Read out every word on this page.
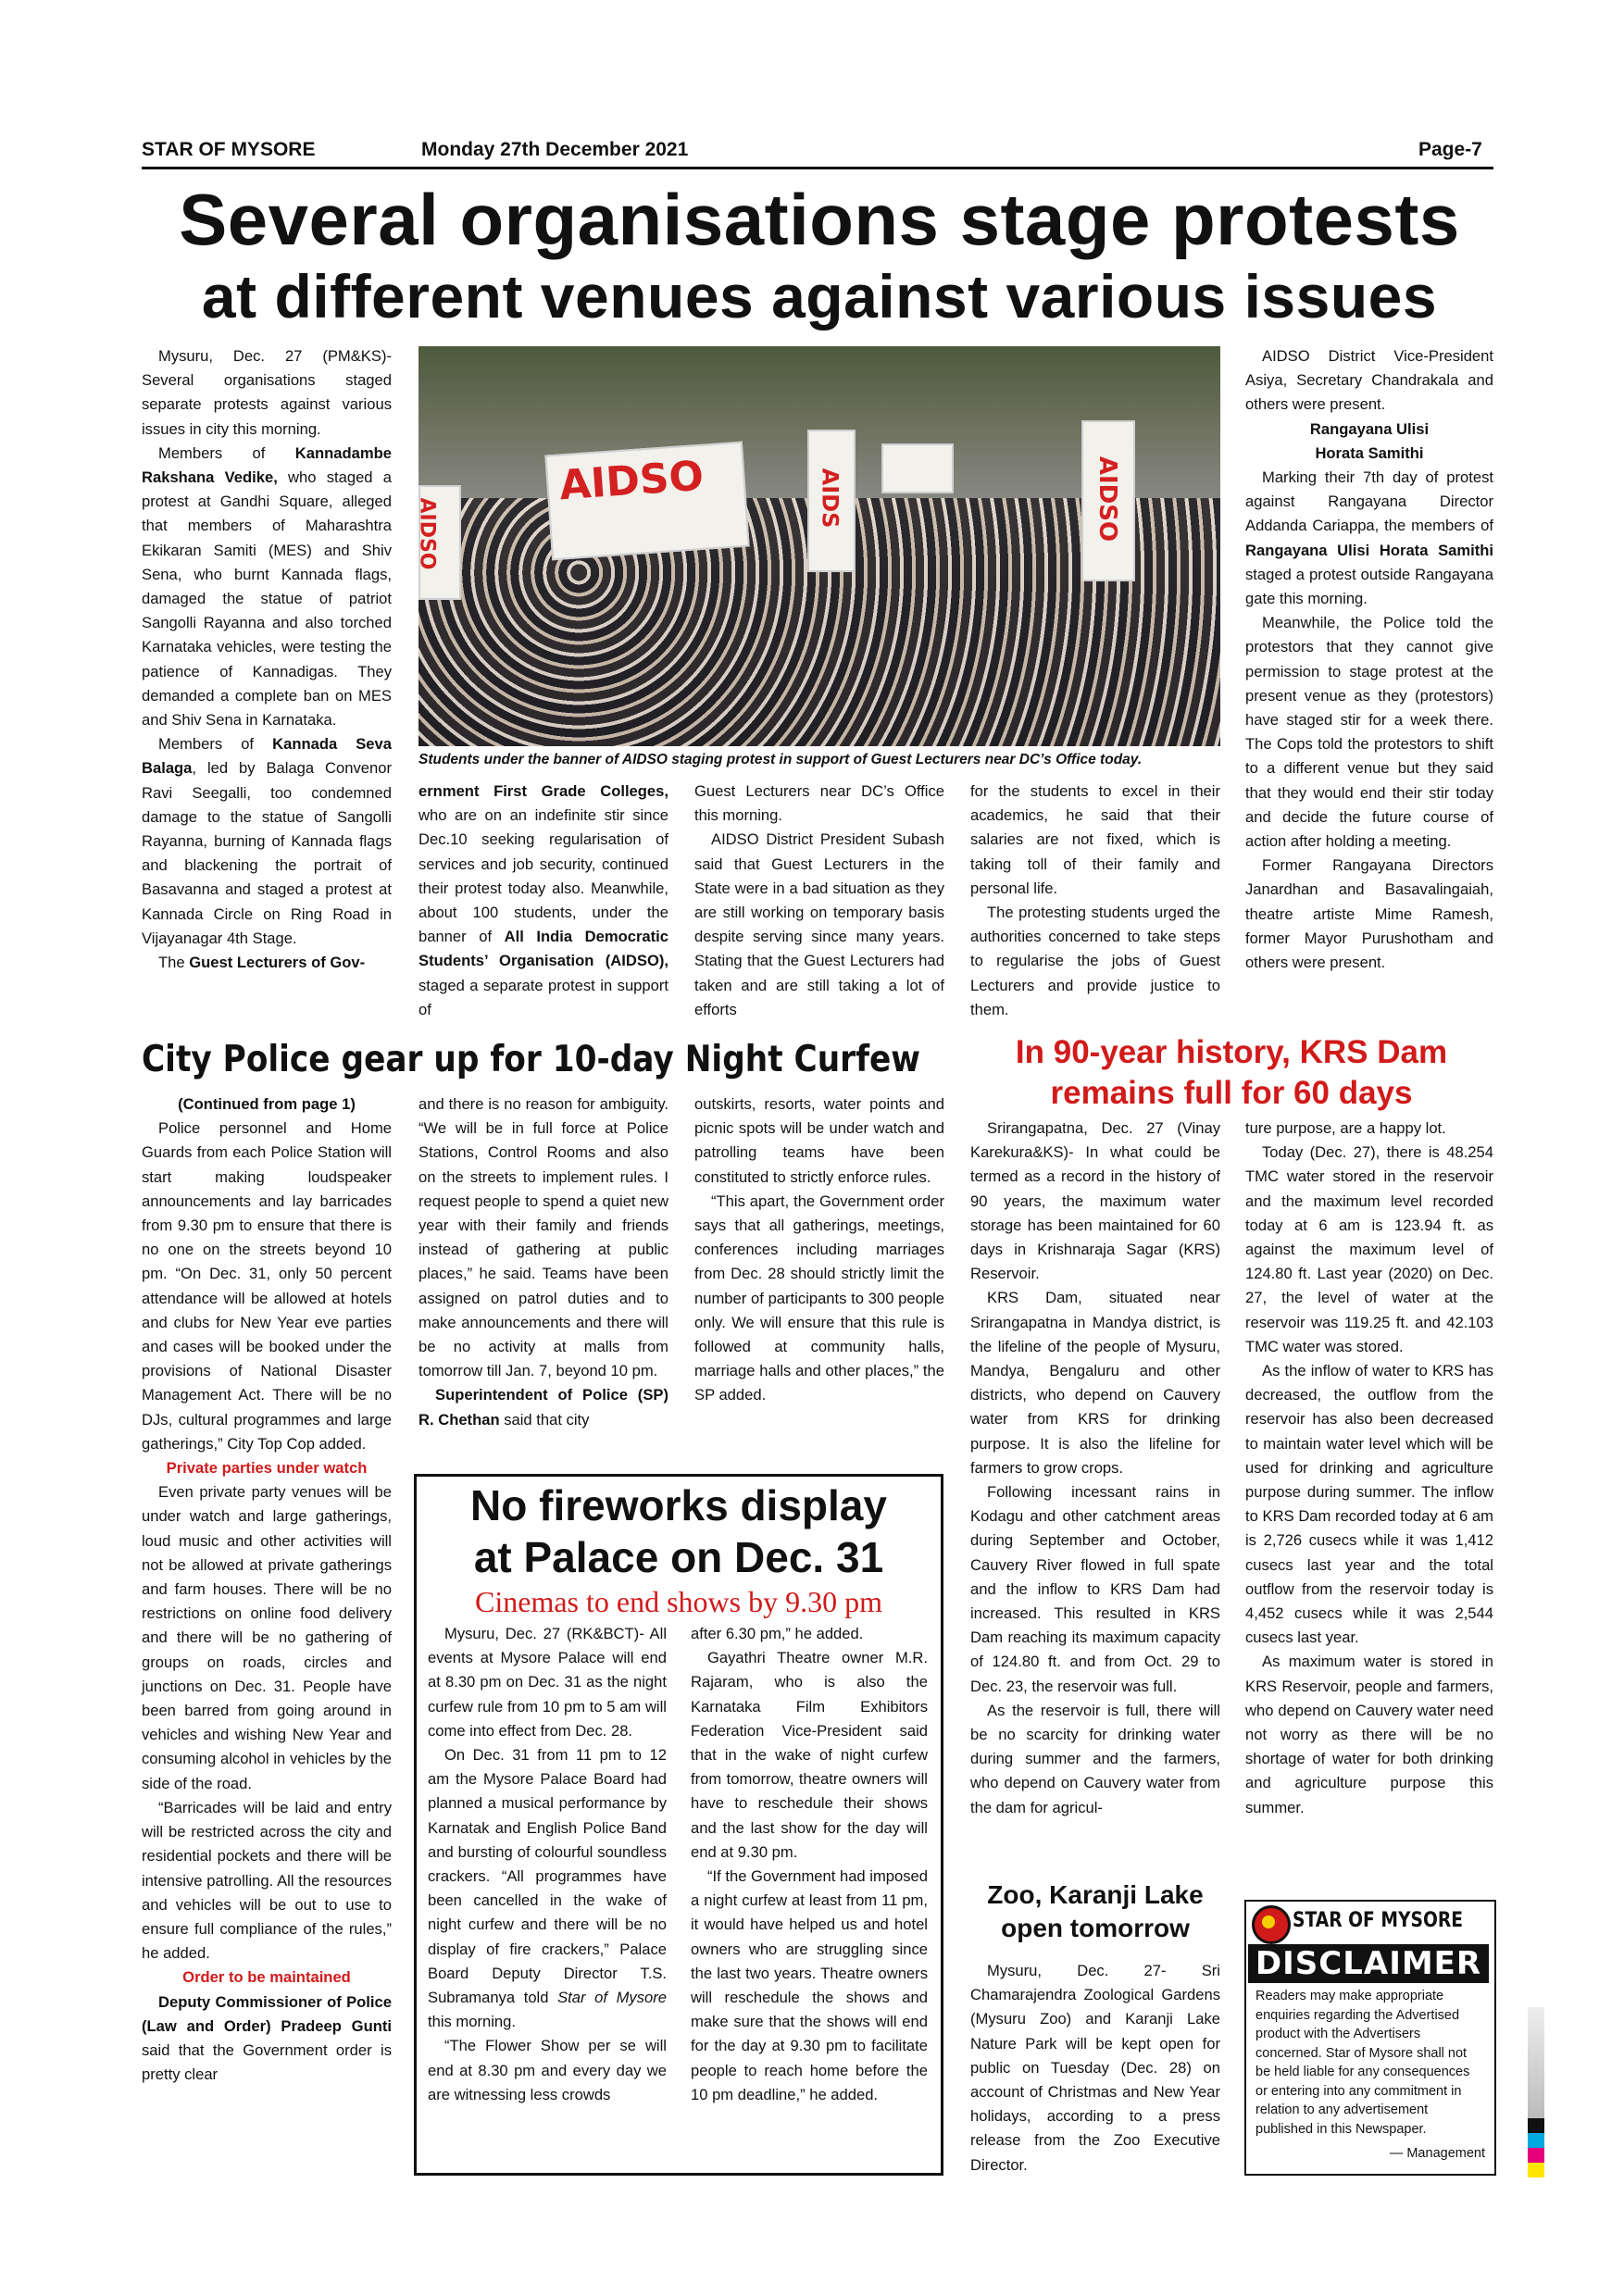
STAR OF MYSORE	Monday 27th December 2021	Page-7
Several organisations stage protests
at different venues against various issues

Mysuru, Dec. 27 (PM&KS)- Several organisations staged separate protests against various issues in city this morning.

Members of Kannadambe Rakshana Vedike, who staged a protest at Gandhi Square, alleged that members of Maharashtra Ekikaran Samiti (MES) and Shiv Sena, who burnt Kannada flags, damaged the statue of patriot Sangolli Rayanna and also torched Karnataka vehicles, were testing the patience of Kannadigas. They demanded a complete ban on MES and Shiv Sena in Karnataka.

Members of Kannada Seva Balaga, led by Balaga Convenor Ravi Seegalli, too condemned damage to the statue of Sangolli Rayanna, burning of Kannada flags and blackening the portrait of Basavanna and staged a protest at Kannada Circle on Ring Road in Vijayanagar 4th Stage.

The Guest Lecturers of Gov-

AIDSO
AIDSO	AIDSO
AIDS
Students under the banner of AIDSO staging protest in support of Guest Lecturers near DC’s Office today.

ernment First Grade Colleges, who are on an indefinite stir since Dec.10 seeking regularisation of services and job security, continued their protest today also. Meanwhile, about 100 students, under the banner of All India Democratic Students’ Organisation (AIDSO), staged a separate protest in support of

Guest Lecturers near DC’s Office this morning.

AIDSO District President Subash said that Guest Lecturers in the State were in a bad situation as they are still working on temporary basis despite serving since many years. Stating that the Guest Lecturers had taken and are still taking a lot of efforts

for the students to excel in their academics, he said that their salaries are not fixed, which is taking toll of their family and personal life.

The protesting students urged the authorities concerned to take steps to regularise the jobs of Guest Lecturers and provide justice to them.

AIDSO District Vice-President Asiya, Secretary Chandrakala and others were present.

Rangayana Ulisi

Horata Samithi

Marking their 7th day of protest against Rangayana Director Addanda Cariappa, the members of Rangayana Ulisi Horata Samithi staged a protest outside Rangayana gate this morning.

Meanwhile, the Police told the protestors that they cannot give permission to stage protest at the present venue as they (protestors) have staged stir for a week there. The Cops told the protestors to shift to a different venue but they said that they would end their stir today and decide the future course of action after holding a meeting.

Former Rangayana Directors Janardhan and Basavalingaiah, theatre artiste Mime Ramesh, former Mayor Purushotham and others were present.

City Police gear up for 10-day Night Curfew

(Continued from page 1)

Police personnel and Home Guards from each Police Station will start making loudspeaker announcements and lay barricades from 9.30 pm to ensure that there is no one on the streets beyond 10 pm. “On Dec. 31, only 50 percent attendance will be allowed at hotels and clubs for New Year eve parties and cases will be booked under the provisions of National Disaster Management Act. There will be no DJs, cultural programmes and large gatherings,” City Top Cop added.

Private parties under watch

Even private party venues will be under watch and large gatherings, loud music and other activities will not be allowed at private gatherings and farm houses. There will be no restrictions on online food delivery and there will be no gathering of groups on roads, circles and junctions on Dec. 31. People have been barred from going around in vehicles and wishing New Year and consuming alcohol in vehicles by the side of the road.

“Barricades will be laid and entry will be restricted across the city and residential pockets and there will be intensive patrolling. All the resources and vehicles will be out to use to ensure full compliance of the rules,” he added.

Order to be maintained

Deputy Commissioner of Police (Law and Order) Pradeep Gunti said that the Government order is pretty clear

and there is no reason for ambiguity. “We will be in full force at Police Stations, Control Rooms and also on the streets to implement rules. I request people to spend a quiet new year with their family and friends instead of gathering at public places,” he said. Teams have been assigned on patrol duties and to make announcements and there will be no activity at malls from tomorrow till Jan. 7, beyond 10 pm.

Superintendent of Police (SP) R. Chethan said that city

outskirts, resorts, water points and picnic spots will be under watch and patrolling teams have been constituted to strictly enforce rules.

“This apart, the Government order says that all gatherings, meetings, conferences including marriages from Dec. 28 should strictly limit the number of participants to 300 people only. We will ensure that this rule is followed at community halls, marriage halls and other places,” the SP added.

No fireworks display
at Palace on Dec. 31
Cinemas to end shows by 9.30 pm

Mysuru, Dec. 27 (RK&BCT)- All events at Mysore Palace will end at 8.30 pm on Dec. 31 as the night curfew rule from 10 pm to 5 am will come into effect from Dec. 28.

On Dec. 31 from 11 pm to 12 am the Mysore Palace Board had planned a musical performance by Karnatak and English Police Band and bursting of colourful soundless crackers. “All programmes have been cancelled in the wake of night curfew and there will be no display of fire crackers,” Palace Board Deputy Director T.S. Subramanya told Star of Mysore this morning.

“The Flower Show per se will end at 8.30 pm and every day we are witnessing less crowds

after 6.30 pm,” he added.

Gayathri Theatre owner M.R. Rajaram, who is also the Karnataka Film Exhibitors Federation Vice-President said that in the wake of night curfew from tomorrow, theatre owners will have to reschedule their shows and the last show for the day will end at 9.30 pm.

“If the Government had imposed a night curfew at least from 11 pm, it would have helped us and hotel owners who are struggling since the last two years. Theatre owners will reschedule the shows and make sure that the shows will end for the day at 9.30 pm to facilitate people to reach home before the 10 pm deadline,” he added.

In 90-year history, KRS Dam
remains full for 60 days

Srirangapatna, Dec. 27 (Vinay Karekura&KS)- In what could be termed as a record in the history of 90 years, the maximum water storage has been maintained for 60 days in Krishnaraja Sagar (KRS) Reservoir.

KRS Dam, situated near Srirangapatna in Mandya district, is the lifeline of the people of Mysuru, Mandya, Bengaluru and other districts, who depend on Cauvery water from KRS for drinking purpose. It is also the lifeline for farmers to grow crops.

Following incessant rains in Kodagu and other catchment areas during September and October, Cauvery River flowed in full spate and the inflow to KRS Dam had increased. This resulted in KRS Dam reaching its maximum capacity of 124.80 ft. and from Oct. 29 to Dec. 23, the reservoir was full.

As the reservoir is full, there will be no scarcity for drinking water during summer and the farmers, who depend on Cauvery water from the dam for agricul-

ture purpose, are a happy lot.

Today (Dec. 27), there is 48.254 TMC water stored in the reservoir and the maximum level recorded today at 6 am is 123.94 ft. as against the maximum level of 124.80 ft. Last year (2020) on Dec. 27, the level of water at the reservoir was 119.25 ft. and 42.103 TMC water was stored.

As the inflow of water to KRS has decreased, the outflow from the reservoir has also been decreased to maintain water level which will be used for drinking and agriculture purpose during summer. The inflow to KRS Dam recorded today at 6 am is 2,726 cusecs while it was 1,412 cusecs last year and the total outflow from the reservoir today is 4,452 cusecs while it was 2,544 cusecs last year.

As maximum water is stored in KRS Reservoir, people and farmers, who depend on Cauvery water need not worry as there will be no shortage of water for both drinking and agriculture purpose this summer.

Zoo, Karanji Lake
open tomorrow

Mysuru, Dec. 27- Sri Chamarajendra Zoological Gardens (Mysuru Zoo) and Karanji Lake Nature Park will be kept open for public on Tuesday (Dec. 28) on account of Christmas and New Year holidays, according to a press release from the Zoo Executive Director.

STAR OF MYSORE
DISCLAIMER
Readers may make appropriate enquiries regarding the Advertised product with the Advertisers concerned. Star of Mysore shall not be held liable for any consequences or entering into any commitment in relation to any advertisement published in this Newspaper.
— Management
